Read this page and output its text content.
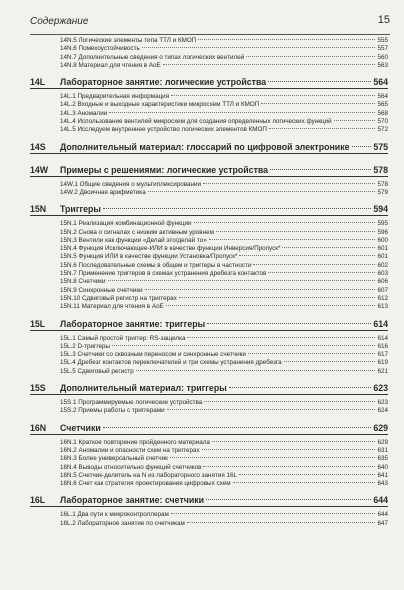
Содержание	15
14N.5 Логические элементы типа ТТЛ и КМОП	555
14N.6 Помехоустойчивость	557
14N.7 Дополнительные сведения о типах логических вентилей	560
14N.8 Материал для чтения в AoE	563
14L	Лабораторное занятие: логические устройства	564
14L.1 Предварительная информация	564
14L.2 Входные и выходные характеристики микросхем ТТЛ и КМОП	565
14L.3 Аномалии	568
14L.4 Использование вентилей микросхем для создания определенных логических функций	570
14L.5 Исследуем внутреннее устройство логических элементов КМОП	572
14S	Дополнительный материал: глоссарий по цифровой электронике	575
14W	Примеры с решениями: логические устройства	578
14W.1 Общие сведения о мультиплексировании	578
14W.2 Двоичная арифметика	579
15N	Триггеры	594
15N.1 Реализация комбинационной функции	595
15N.2 Снова о сигналах с низким активным уровнем	596
15N.3 Вентили как функции «Делай это/делай то»	600
15N.4 Функция Исключающее-ИЛИ в качестве функции Инверсия/Пропуск*	601
15N.5 Функция ИЛИ в качестве функции Установка/Пропуск*	601
15N.6 Последовательные схемы в общем и триггеры в частности	602
15N.7 Применение триггеров в схемах устранения дребезга контактов	603
15N.8 Счетчики	606
15N.9 Синхронные счетчики	607
15N.10 Сдвиговый регистр на триггерах	612
15N.11 Материал для чтения в AoE	613
15L	Лабораторное занятие: триггеры	614
15L.1 Самый простой триггер: RS-защелка	614
15L.2 D-триггеры	616
15L.3 Счетчики со сквозным переносом и синхронные счетчики	617
15L.4 Дребезг контактов переключателей и три схемы устранения дребезга	619
15L.5 Сдвиговый регистр	621
15S	Дополнительный материал: триггеры	623
15S.1 Программируемые логические устройства	623
15S.2 Приемы работы с триггерами	624
16N	Счетчики	629
16N.1 Краткое повторение пройденного материала	629
16N.2 Аномалии и опасности схем на триггерах	631
16N.3 Более универсальный счетчик	635
16N.4 Выводы относительно функций счетчиков	640
16N.5 Счетчик-делитель на N из лабораторного занятия 16L	641
16N.6 Счет как стратегия проектирования цифровых схем	643
16L	Лабораторное занятие: счетчики	644
16L.1 Два пути к микроконтроллерам	644
16L.2 Лабораторное занятие по счетчикам	647
